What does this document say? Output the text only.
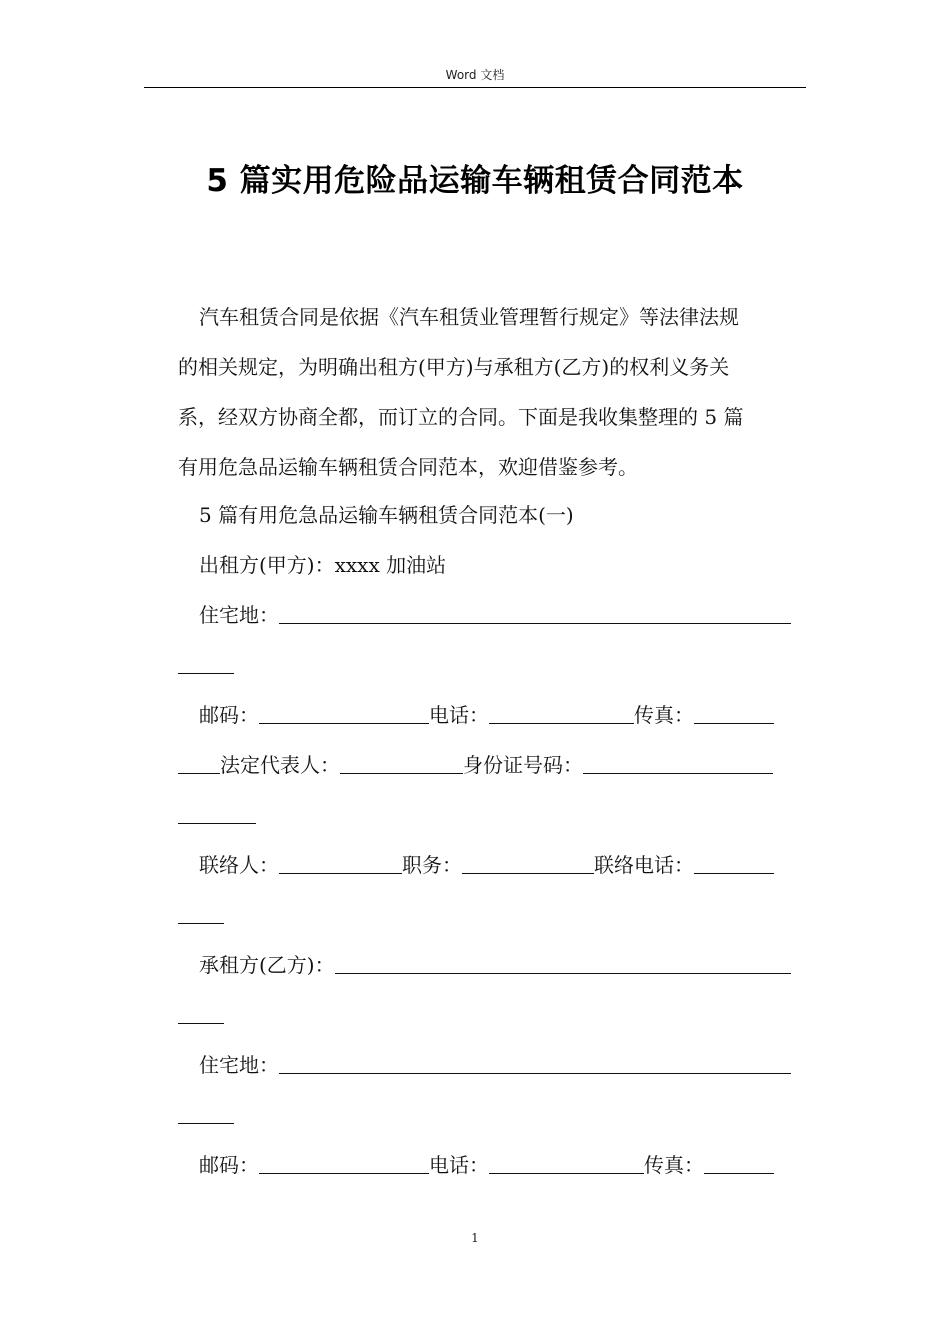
Word 文档
5 篇实用危险品运输车辆租赁合同范本
汽车租赁合同是依据《汽车租赁业管理暂行规定》等法律法规
的相关规定，为明确出租方(甲方)与承租方(乙方)的权利义务关
系，经双方协商全都，而订立的合同。下面是我收集整理的 5 篇
有用危急品运输车辆租赁合同范本，欢迎借鉴参考。
5 篇有用危急品运输车辆租赁合同范本(一)
出租方(甲方)：xxxx 加油站
住宅地：
邮码：	电话：	传真：
法定代表人：	身份证号码：
联络人：	职务：	联络电话：
承租方(乙方)：
住宅地：
邮码：	电话：	传真：
1
